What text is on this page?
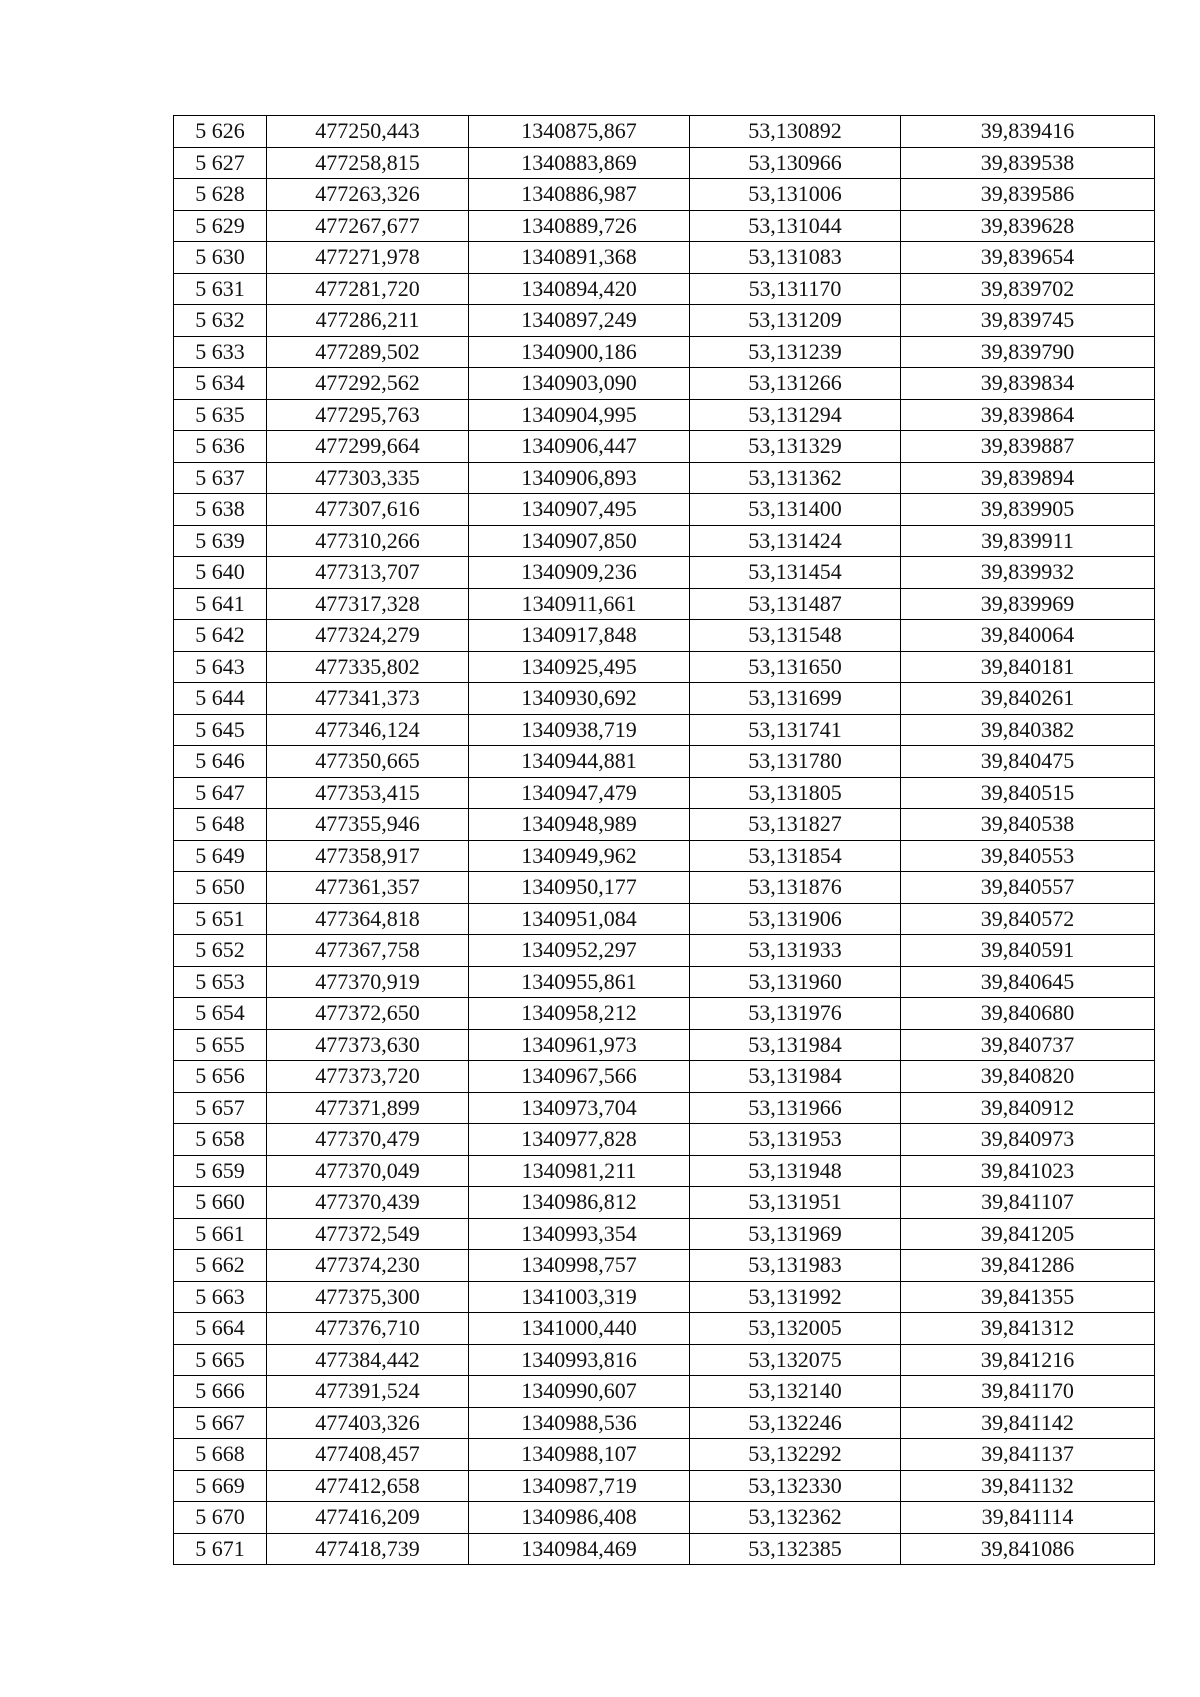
5 626	477250,443	1340875,867	53,130892	39,839416
5 627	477258,815	1340883,869	53,130966	39,839538
5 628	477263,326	1340886,987	53,131006	39,839586
5 629	477267,677	1340889,726	53,131044	39,839628
5 630	477271,978	1340891,368	53,131083	39,839654
5 631	477281,720	1340894,420	53,131170	39,839702
5 632	477286,211	1340897,249	53,131209	39,839745
5 633	477289,502	1340900,186	53,131239	39,839790
5 634	477292,562	1340903,090	53,131266	39,839834
5 635	477295,763	1340904,995	53,131294	39,839864
5 636	477299,664	1340906,447	53,131329	39,839887
5 637	477303,335	1340906,893	53,131362	39,839894
5 638	477307,616	1340907,495	53,131400	39,839905
5 639	477310,266	1340907,850	53,131424	39,839911
5 640	477313,707	1340909,236	53,131454	39,839932
5 641	477317,328	1340911,661	53,131487	39,839969
5 642	477324,279	1340917,848	53,131548	39,840064
5 643	477335,802	1340925,495	53,131650	39,840181
5 644	477341,373	1340930,692	53,131699	39,840261
5 645	477346,124	1340938,719	53,131741	39,840382
5 646	477350,665	1340944,881	53,131780	39,840475
5 647	477353,415	1340947,479	53,131805	39,840515
5 648	477355,946	1340948,989	53,131827	39,840538
5 649	477358,917	1340949,962	53,131854	39,840553
5 650	477361,357	1340950,177	53,131876	39,840557
5 651	477364,818	1340951,084	53,131906	39,840572
5 652	477367,758	1340952,297	53,131933	39,840591
5 653	477370,919	1340955,861	53,131960	39,840645
5 654	477372,650	1340958,212	53,131976	39,840680
5 655	477373,630	1340961,973	53,131984	39,840737
5 656	477373,720	1340967,566	53,131984	39,840820
5 657	477371,899	1340973,704	53,131966	39,840912
5 658	477370,479	1340977,828	53,131953	39,840973
5 659	477370,049	1340981,211	53,131948	39,841023
5 660	477370,439	1340986,812	53,131951	39,841107
5 661	477372,549	1340993,354	53,131969	39,841205
5 662	477374,230	1340998,757	53,131983	39,841286
5 663	477375,300	1341003,319	53,131992	39,841355
5 664	477376,710	1341000,440	53,132005	39,841312
5 665	477384,442	1340993,816	53,132075	39,841216
5 666	477391,524	1340990,607	53,132140	39,841170
5 667	477403,326	1340988,536	53,132246	39,841142
5 668	477408,457	1340988,107	53,132292	39,841137
5 669	477412,658	1340987,719	53,132330	39,841132
5 670	477416,209	1340986,408	53,132362	39,841114
5 671	477418,739	1340984,469	53,132385	39,841086
